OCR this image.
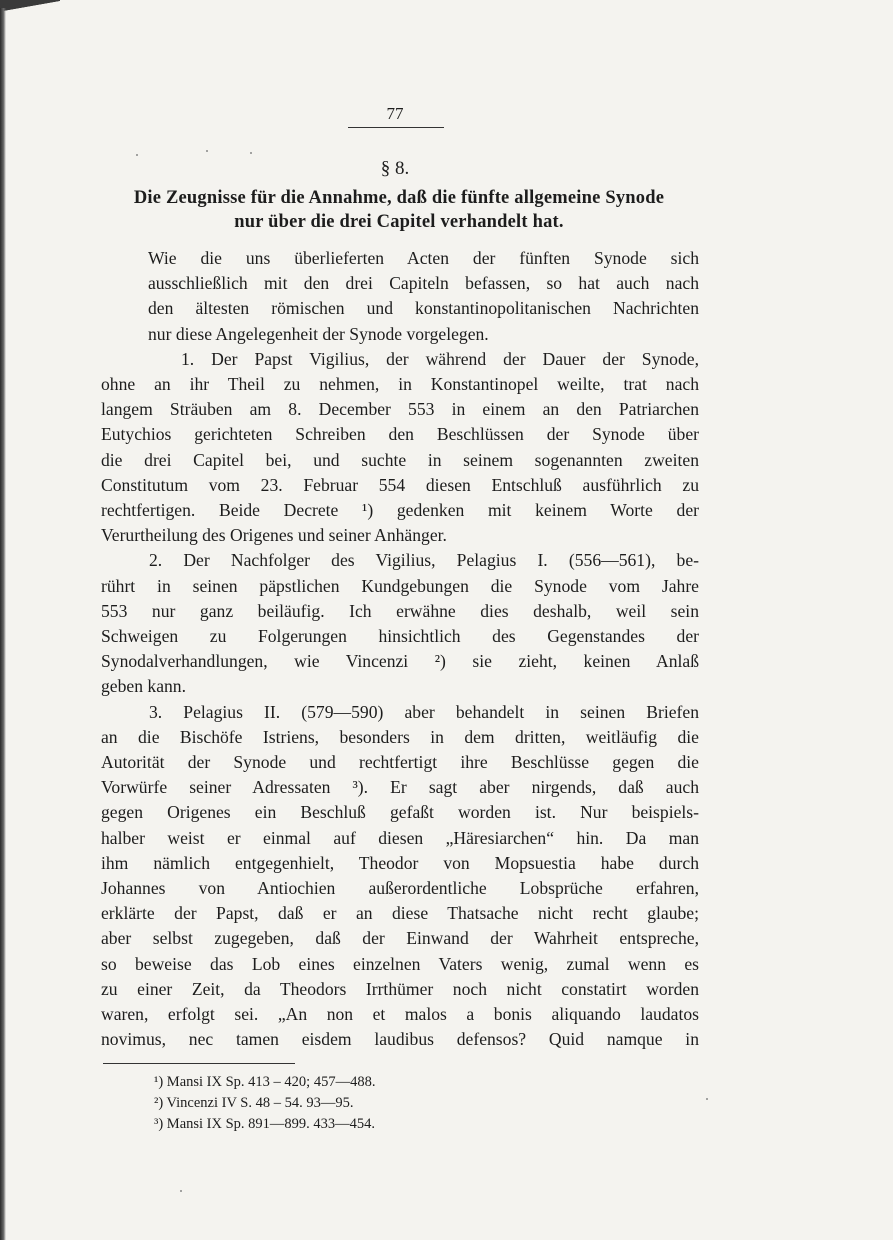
77
§ 8.
Die Zeugnisse für die Annahme, daß die fünfte allgemeine Synode
nur über die drei Capitel verhandelt hat.

Wie die uns überlieferten Acten der fünften Synode sich
ausschließlich mit den drei Capiteln befassen, so hat auch nach
den ältesten römischen und konstantinopolitanischen Nachrichten
nur diese Angelegenheit der Synode vorgelegen.

1. Der Papst Vigilius, der während der Dauer der Synode,
ohne an ihr Theil zu nehmen, in Konstantinopel weilte, trat nach
langem Sträuben am 8. December 553 in einem an den Patriarchen
Eutychios gerichteten Schreiben den Beschlüssen der Synode über
die drei Capitel bei, und suchte in seinem sogenannten zweiten
Constitutum vom 23. Februar 554 diesen Entschluß ausführlich zu
rechtfertigen. Beide Decrete ¹) gedenken mit keinem Worte der
Verurtheilung des Origenes und seiner Anhänger.

2. Der Nachfolger des Vigilius, Pelagius I. (556—561), be-
rührt in seinen päpstlichen Kundgebungen die Synode vom Jahre
553 nur ganz beiläufig. Ich erwähne dies deshalb, weil sein
Schweigen zu Folgerungen hinsichtlich des Gegenstandes der
Synodalverhandlungen, wie Vincenzi ²) sie zieht, keinen Anlaß
geben kann.

3. Pelagius II. (579—590) aber behandelt in seinen Briefen
an die Bischöfe Istriens, besonders in dem dritten, weitläufig die
Autorität der Synode und rechtfertigt ihre Beschlüsse gegen die
Vorwürfe seiner Adressaten ³). Er sagt aber nirgends, daß auch
gegen Origenes ein Beschluß gefaßt worden ist. Nur beispiels-
halber weist er einmal auf diesen „Häresiarchen“ hin. Da man
ihm nämlich entgegenhielt, Theodor von Mopsuestia habe durch
Johannes von Antiochien außerordentliche Lobsprüche erfahren,
erklärte der Papst, daß er an diese Thatsache nicht recht glaube;
aber selbst zugegeben, daß der Einwand der Wahrheit entspreche,
so beweise das Lob eines einzelnen Vaters wenig, zumal wenn es
zu einer Zeit, da Theodors Irrthümer noch nicht constatirt worden
waren, erfolgt sei. „An non et malos a bonis aliquando laudatos
novimus, nec tamen eisdem laudibus defensos? Quid namque in

¹) Mansi IX Sp. 413 – 420; 457—488.
²) Vincenzi IV S. 48 – 54. 93—95.
³) Mansi IX Sp. 891—899. 433—454.
